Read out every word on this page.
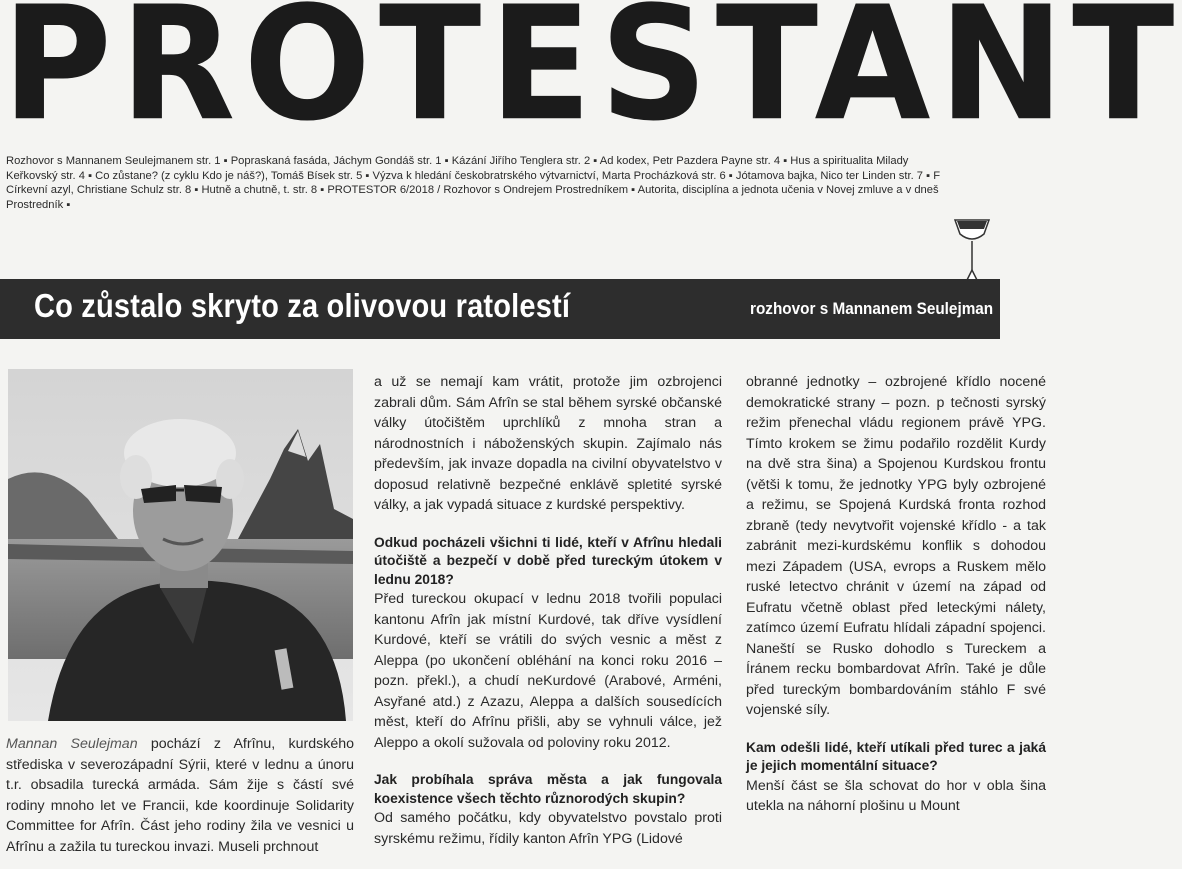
PROTESTANT
Rozhovor s Mannanem Seulejmanem str. 1 ▪ Popraskaná fasáda, Jáchym Gondáš str. 1 ▪ Kázání Jiřího Tenglera str. 2 ▪ Ad kodex, Petr Pazdera Payne str. 4 ▪ Hus a spiritualita Milady
Keřkovský str. 4 ▪ Co zůstane? (z cyklu Kdo je náš?), Tomáš Bísek str. 5 ▪ Výzva k hledání českobratrského výtvarnictví, Marta Procházková str. 6 ▪ Jótamova bajka, Nico ter Linden str. 7 ▪ F
Církevní azyl, Christiane Schulz str. 8 ▪ Hutně a chutně, t. str. 8 ▪ PROTESTOR 6/2018 / Rozhovor s Ondrejem Prostredníkem ▪ Autorita, disciplína a jednota učenia v Novej zmluve a v dneš
Prostredník ▪
Co zůstalo skryto za olivovou ratolestí	rozhovor s Mannanem Seulejman

Mannan Seulejman pochází z Afrînu, kurdského střediska v severozápadní Sýrii, které v lednu a únoru t.r. obsadila turecká armáda. Sám žije s částí své rodiny mnoho let ve Francii, kde koordinuje Solidarity Committee for Afrîn. Část jeho rodiny žila ve vesnici u Afrînu a zažila tu tureckou invazi. Museli prchnout

a už se nemají kam vrátit, protože jim ozbrojenci zabrali dům. Sám Afrîn se stal během syrské občanské války útočištěm uprchlíků z mnoha stran a národnostních i náboženských skupin. Zajímalo nás především, jak invaze dopadla na civilní obyvatelstvo v doposud relativně bezpečné enklávě spletité syrské války, a jak vypadá situace z kurdské perspektivy.

Odkud pocházeli všichni ti lidé, kteří v Afrînu hledali útočiště a bezpečí v době před tureckým útokem v lednu 2018?

Před tureckou okupací v lednu 2018 tvořili populaci kantonu Afrîn jak místní Kurdové, tak dříve vysídlení Kurdové, kteří se vrátili do svých vesnic a měst z Aleppa (po ukončení obléhání na konci roku 2016 – pozn. překl.), a chudí neKurdové (Arabové, Arméni, Asyřané atd.) z Azazu, Aleppa a dalších sousedících měst, kteří do Afrînu přišli, aby se vyhnuli válce, jež Aleppo a okolí sužovala od poloviny roku 2012.

Jak probíhala správa města a jak fungovala koexistence všech těchto různorodých skupin?

Od samého počátku, kdy obyvatelstvo povstalo proti syrskému režimu, řídily kanton Afrîn YPG (Lidové

obranné jednotky – ozbrojené křídlo nocené demokratické strany – pozn. p tečnosti syrský režim přenechal vládu regionem právě YPG. Tímto krokem se žimu podařilo rozdělit Kurdy na dvě stra šina) a Spojenou Kurdskou frontu (větši k tomu, že jednotky YPG byly ozbrojené a režimu, se Spojená Kurdská fronta rozhod zbraně (tedy nevytvořit vojenské křídlo - a tak zabránit mezi-kurdskému konflik s dohodou mezi Západem (USA, evrops a Ruskem mělo ruské letectvo chránit v území na západ od Eufratu včetně oblast před leteckými nálety, zatímco území Eufratu hlídali západní spojenci. Naneští se Rusko dohodlo s Tureckem a Íránem recku bombardovat Afrîn. Také je důle před tureckým bombardováním stáhlo F své vojenské síly.

Kam odešli lidé, kteří utíkali před turec a jaká je jejich momentální situace?

Menší část se šla schovat do hor v obla šina utekla na náhorní plošinu u Mount
